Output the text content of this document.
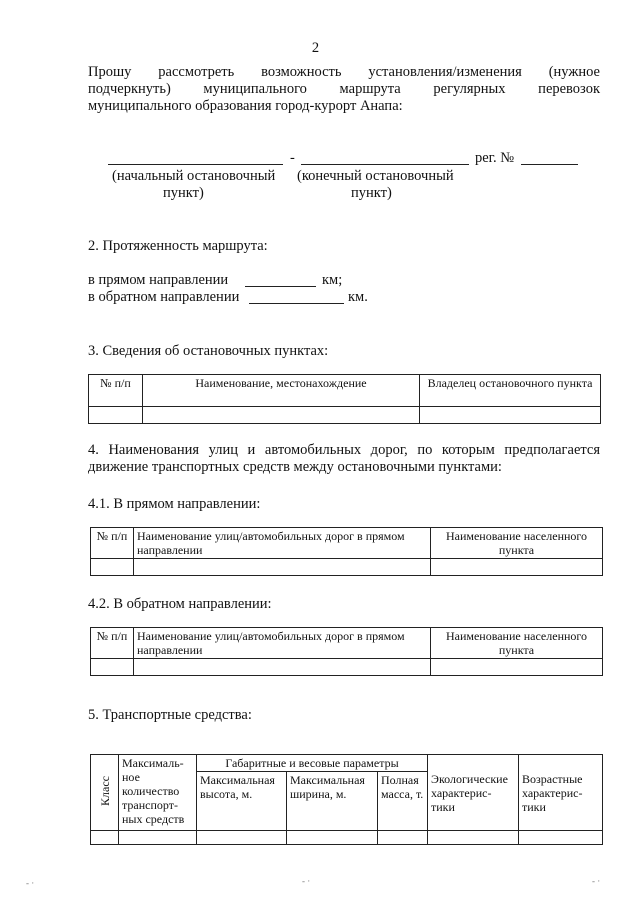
2
Прошу рассмотреть возможность установления/изменения (нужное
подчеркнуть) муниципального маршрута регулярных перевозок
муниципального образования город-курорт Анапа:
-	рег. №
(начальный остановочный
пункт)
(конечный остановочный
пункт)
2. Протяженность маршрута:
в прямом направлении	км;
в обратном направлении	км.
3. Сведения об остановочных пунктах:
№ п/п	Наименование, местонахождение	Владелец остановочного пункта

4. Наименования улиц и автомобильных дорог, по которым предполагается
движение транспортных средств между остановочными пунктами:
4.1. В прямом направлении:
№ п/п	Наименование улиц/автомобильных дорог в прямом направлении	Наименование населенного пункта

4.2. В обратном направлении:
№ п/п	Наименование улиц/автомобильных дорог в прямом направлении	Наименование населенного пункта

5. Транспортные средства:
Класс	Максималь-ное количество транспорт-ных средств	Габаритные и весовые параметры			Экологические характерис-тики	Возрастные характерис-тики
		Максимальная высота, м.	Максимальная ширина, м.	Полная масса, т.		

- ·	- ·	- ·
